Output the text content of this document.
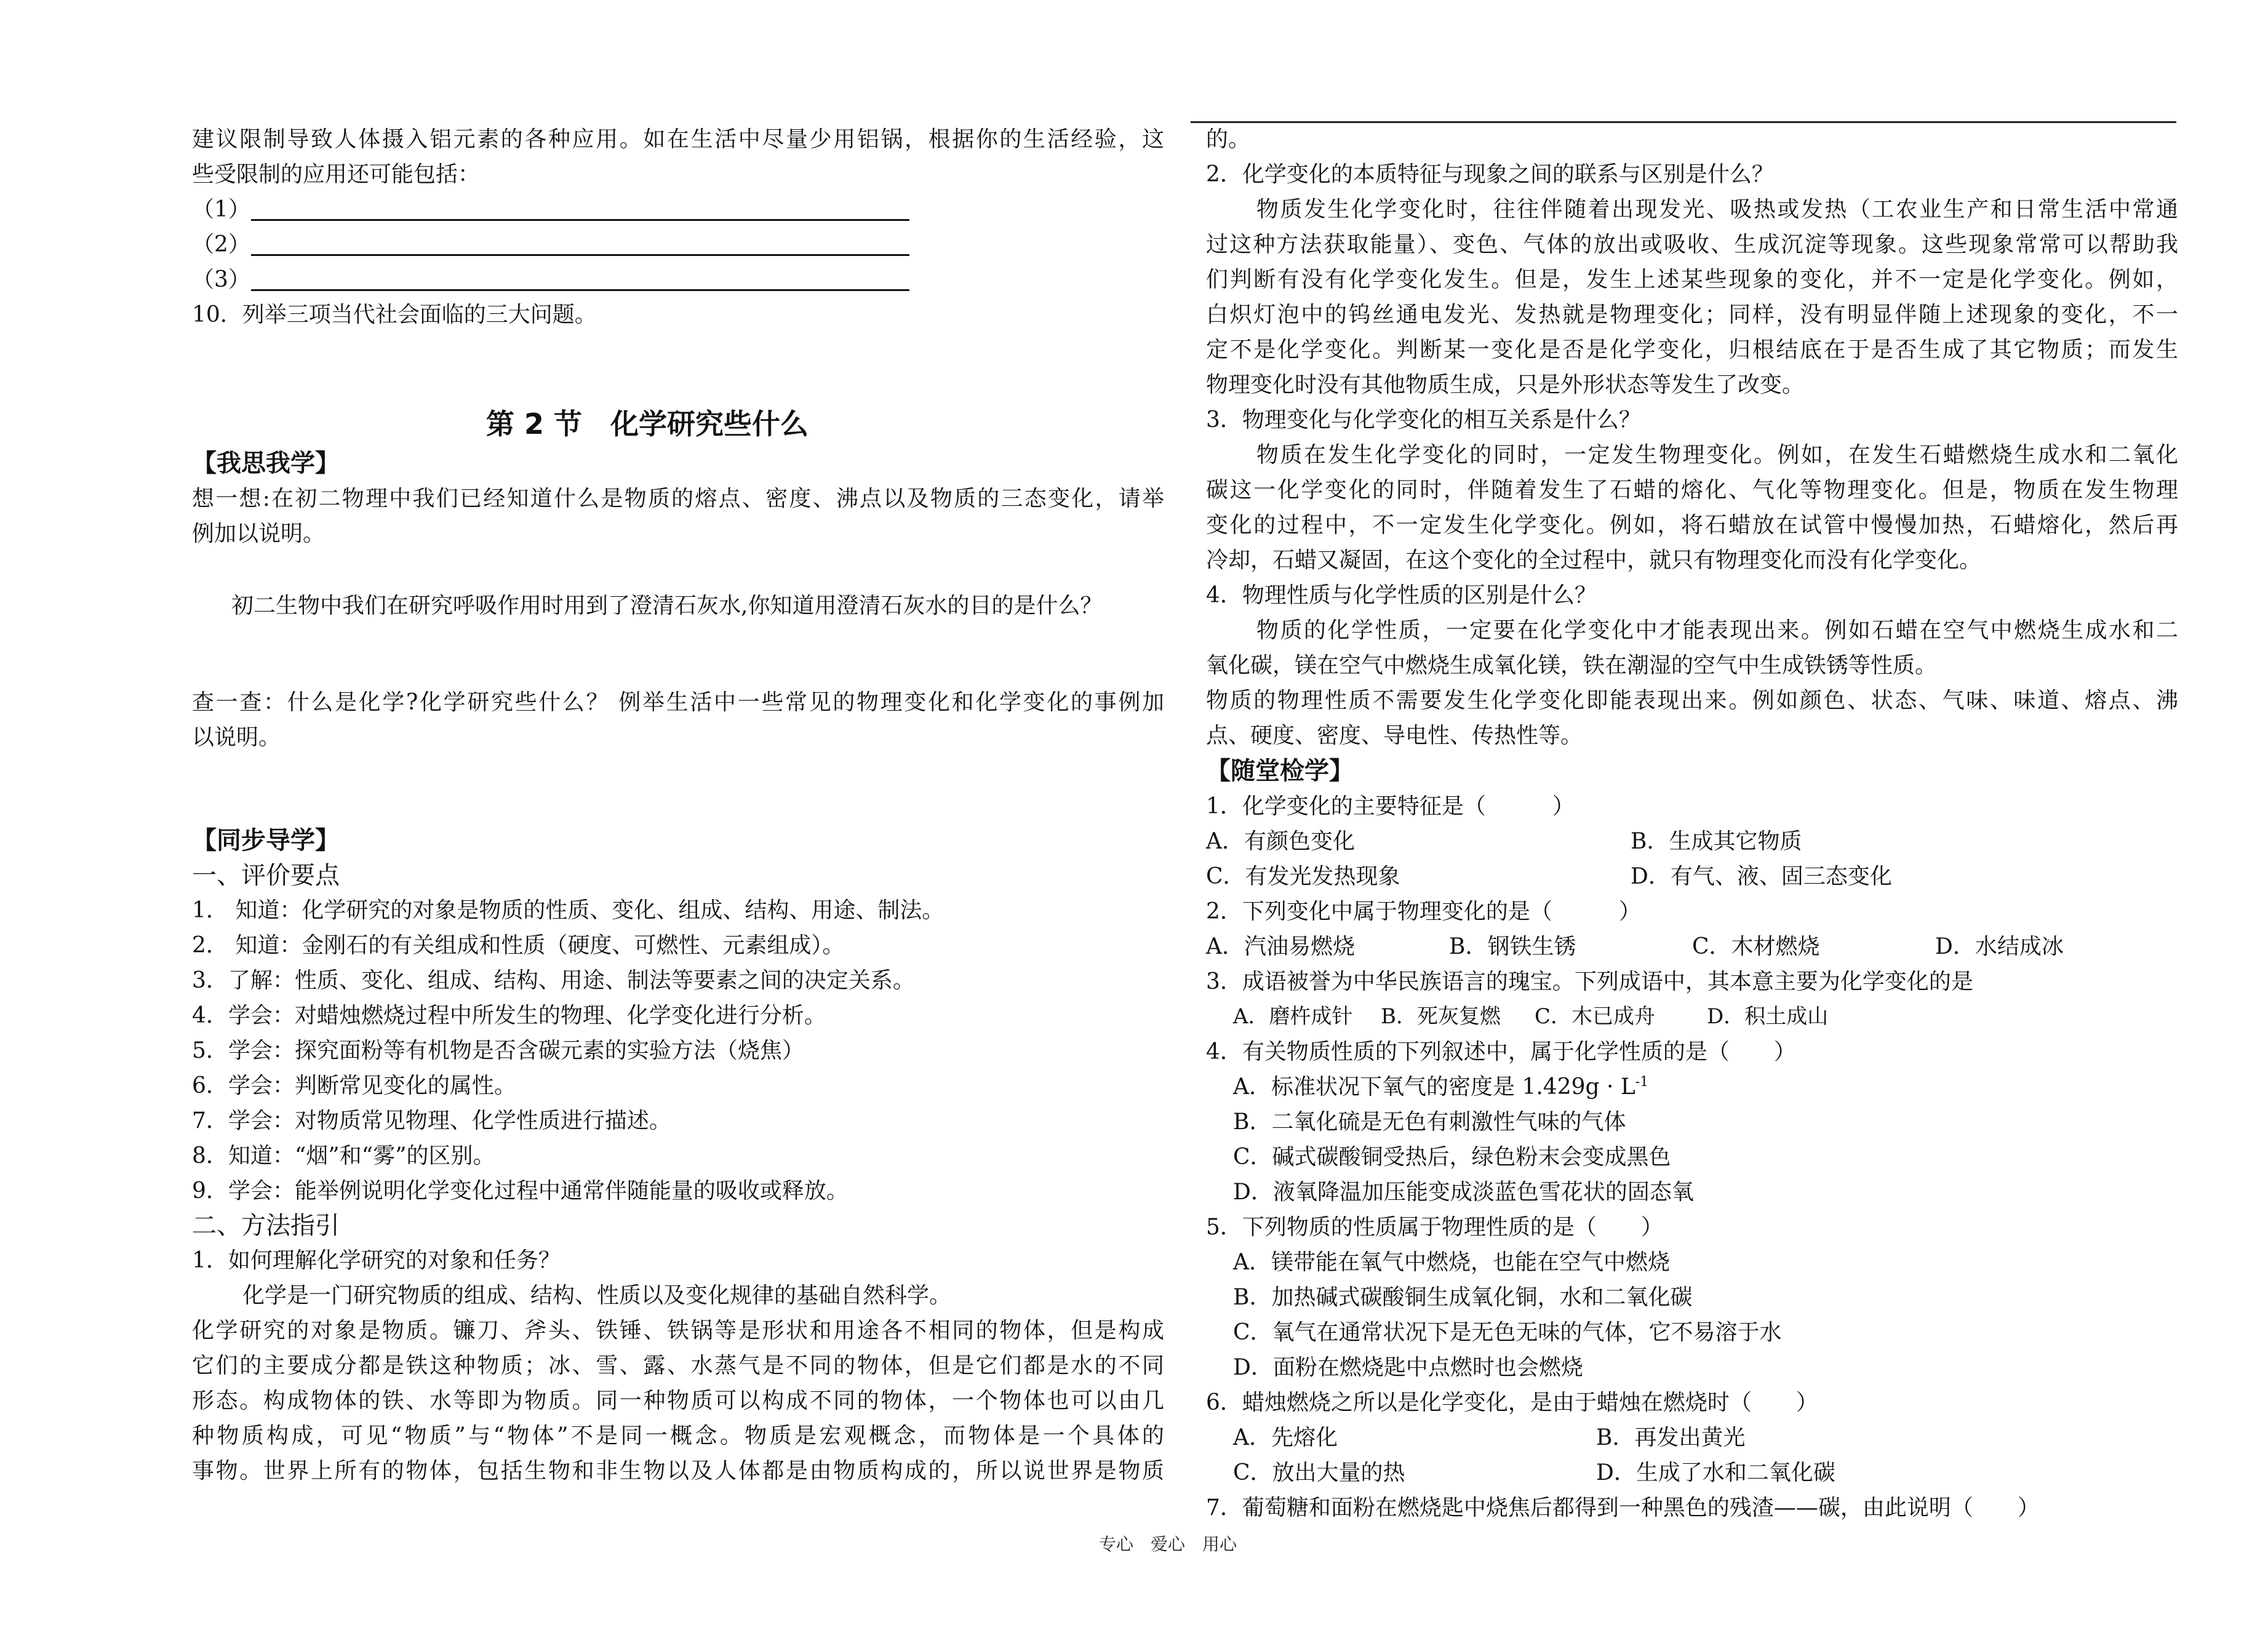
建议限制导致人体摄入铝元素的各种应用。如在生活中尽量少用铝锅，根据你的生活经验，这

些受限制的应用还可能包括：

（1）
（2）
（3）

10．列举三项当代社会面临的三大问题。

第 2 节　化学研究些什么

【我思我学】

想一想:在初二物理中我们已经知道什么是物质的熔点、密度、沸点以及物质的三态变化，请举

例加以说明。

初二生物中我们在研究呼吸作用时用到了澄清石灰水,你知道用澄清石灰水的目的是什么？

查一查：什么是化学?化学研究些什么？ 例举生活中一些常见的物理变化和化学变化的事例加

以说明。

【同步导学】

一、评价要点

1． 知道：化学研究的对象是物质的性质、变化、组成、结构、用途、制法。

2． 知道：金刚石的有关组成和性质（硬度、可燃性、元素组成）。

3．了解：性质、变化、组成、结构、用途、制法等要素之间的决定关系。

4．学会：对蜡烛燃烧过程中所发生的物理、化学变化进行分析。

5．学会：探究面粉等有机物是否含碳元素的实验方法（烧焦）

6．学会：判断常见变化的属性。

7．学会：对物质常见物理、化学性质进行描述。

8．知道：“烟”和“雾”的区别。

9．学会：能举例说明化学变化过程中通常伴随能量的吸收或释放。

二、方法指引

1．如何理解化学研究的对象和任务？

化学是一门研究物质的组成、结构、性质以及变化规律的基础自然科学。

化学研究的对象是物质。镰刀、斧头、铁锤、铁锅等是形状和用途各不相同的物体，但是构成

它们的主要成分都是铁这种物质；冰、雪、露、水蒸气是不同的物体，但是它们都是水的不同

形态。构成物体的铁、水等即为物质。同一种物质可以构成不同的物体，一个物体也可以由几

种物质构成，可见“物质”与“物体”不是同一概念。物质是宏观概念，而物体是一个具体的

事物。世界上所有的物体，包括生物和非生物以及人体都是由物质构成的，所以说世界是物质

的。

2．化学变化的本质特征与现象之间的联系与区别是什么？

物质发生化学变化时，往往伴随着出现发光、吸热或发热（工农业生产和日常生活中常通

过这种方法获取能量）、变色、气体的放出或吸收、生成沉淀等现象。这些现象常常可以帮助我

们判断有没有化学变化发生。但是，发生上述某些现象的变化，并不一定是化学变化。例如，

白炽灯泡中的钨丝通电发光、发热就是物理变化；同样，没有明显伴随上述现象的变化，不一

定不是化学变化。判断某一变化是否是化学变化，归根结底在于是否生成了其它物质；而发生

物理变化时没有其他物质生成，只是外形状态等发生了改变。

3．物理变化与化学变化的相互关系是什么？

物质在发生化学变化的同时，一定发生物理变化。例如，在发生石蜡燃烧生成水和二氧化

碳这一化学变化的同时，伴随着发生了石蜡的熔化、气化等物理变化。但是，物质在发生物理

变化的过程中，不一定发生化学变化。例如，将石蜡放在试管中慢慢加热，石蜡熔化，然后再

冷却，石蜡又凝固，在这个变化的全过程中，就只有物理变化而没有化学变化。

4．物理性质与化学性质的区别是什么？

物质的化学性质，一定要在化学变化中才能表现出来。例如石蜡在空气中燃烧生成水和二

氧化碳，镁在空气中燃烧生成氧化镁，铁在潮湿的空气中生成铁锈等性质。

物质的物理性质不需要发生化学变化即能表现出来。例如颜色、状态、气味、味道、熔点、沸

点、硬度、密度、导电性、传热性等。

【随堂检学】

1．化学变化的主要特征是（　　　）

A．有颜色变化	B．生成其它物质
C．有发光发热现象	D．有气、液、固三态变化

2．下列变化中属于物理变化的是（　　　）

A．汽油易燃烧	B．钢铁生锈	C．木材燃烧	D．水结成冰

3．成语被誉为中华民族语言的瑰宝。下列成语中，其本意主要为化学变化的是

A．磨杵成针	B．死灰复燃	C．木已成舟	D．积土成山

4．有关物质性质的下列叙述中，属于化学性质的是（　　）

A．标准状况下氧气的密度是 $1.429g \cdot L^{-1}$

B．二氧化硫是无色有刺激性气味的气体

C．碱式碳酸铜受热后，绿色粉末会变成黑色

D．液氧降温加压能变成淡蓝色雪花状的固态氧

5．下列物质的性质属于物理性质的是（　　）

A．镁带能在氧气中燃烧，也能在空气中燃烧

B．加热碱式碳酸铜生成氧化铜，水和二氧化碳

C．氧气在通常状况下是无色无味的气体，它不易溶于水

D．面粉在燃烧匙中点燃时也会燃烧

6．蜡烛燃烧之所以是化学变化，是由于蜡烛在燃烧时（　　）

A．先熔化	B．再发出黄光
C．放出大量的热	D．生成了水和二氧化碳

7．葡萄糖和面粉在燃烧匙中烧焦后都得到一种黑色的残渣——碳，由此说明（　　）

专心　爱心　用心
